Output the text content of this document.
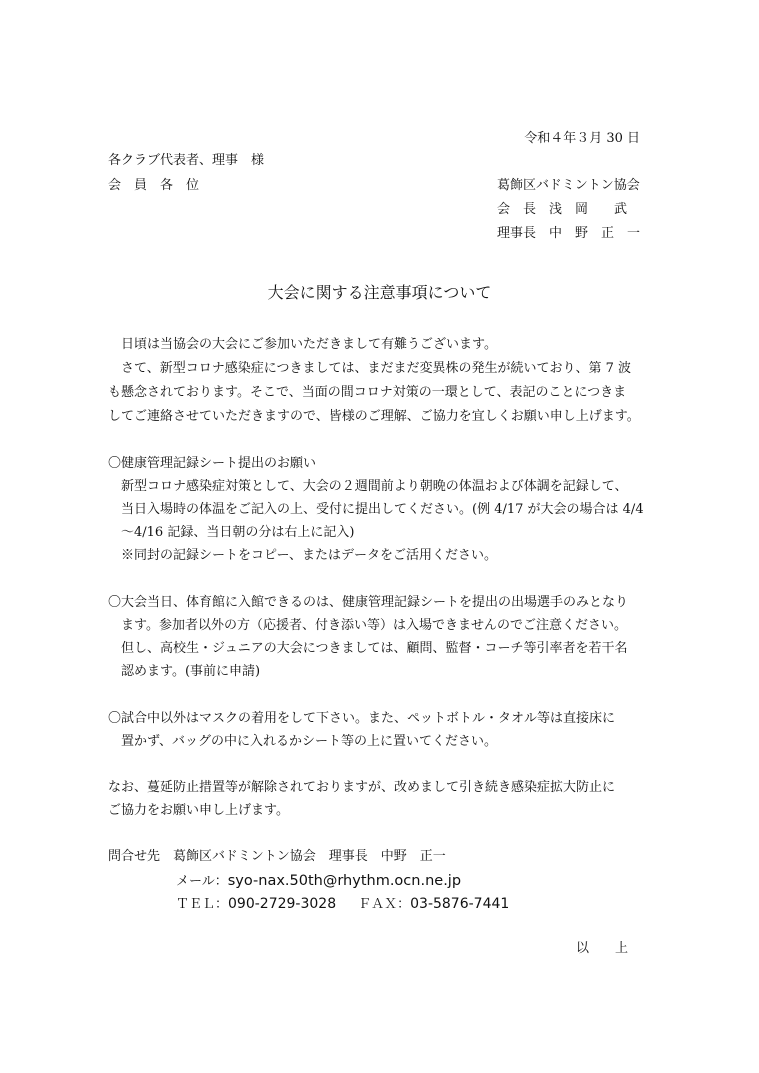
令和４年３月 30 日
各クラブ代表者、理事　様
会　員　各　位	葛飾区バドミントン協会
会　長　浅　岡　　武
理事長　中　野　正　一
大会に関する注意事項について
日頃は当協会の大会にご参加いただきまして有難うございます。
さて、新型コロナ感染症につきましては、まだまだ変異株の発生が続いており、第 7 波
も懸念されております。そこで、当面の間コロナ対策の一環として、表記のことにつきま
してご連絡させていただきますので、皆様のご理解、ご協力を宜しくお願い申し上げます。
〇健康管理記録シート提出のお願い
新型コロナ感染症対策として、大会の２週間前より朝晩の体温および体調を記録して、
当日入場時の体温をご記入の上、受付に提出してください。(例 4/17 が大会の場合は 4/4
～4/16 記録、当日朝の分は右上に記入)
※同封の記録シートをコピー、またはデータをご活用ください。
〇大会当日、体育館に入館できるのは、健康管理記録シートを提出の出場選手のみとなり
ます。参加者以外の方（応援者、付き添い等）は入場できませんのでご注意ください。
但し、高校生・ジュニアの大会につきましては、顧問、監督・コーチ等引率者を若干名
認めます。(事前に申請)
〇試合中以外はマスクの着用をして下さい。また、ペットボトル・タオル等は直接床に
置かず、バッグの中に入れるかシート等の上に置いてください。
なお、蔓延防止措置等が解除されておりますが、改めまして引き続き感染症拡大防止に
ご協力をお願い申し上げます。
問合せ先　葛飾区バドミントン協会　理事長　中野　正一
メール：syo-nax.50th@rhythm.ocn.ne.jp
ＴＥＬ：090-2729-3028 ＦＡＸ：03-5876-7441
以　　上
